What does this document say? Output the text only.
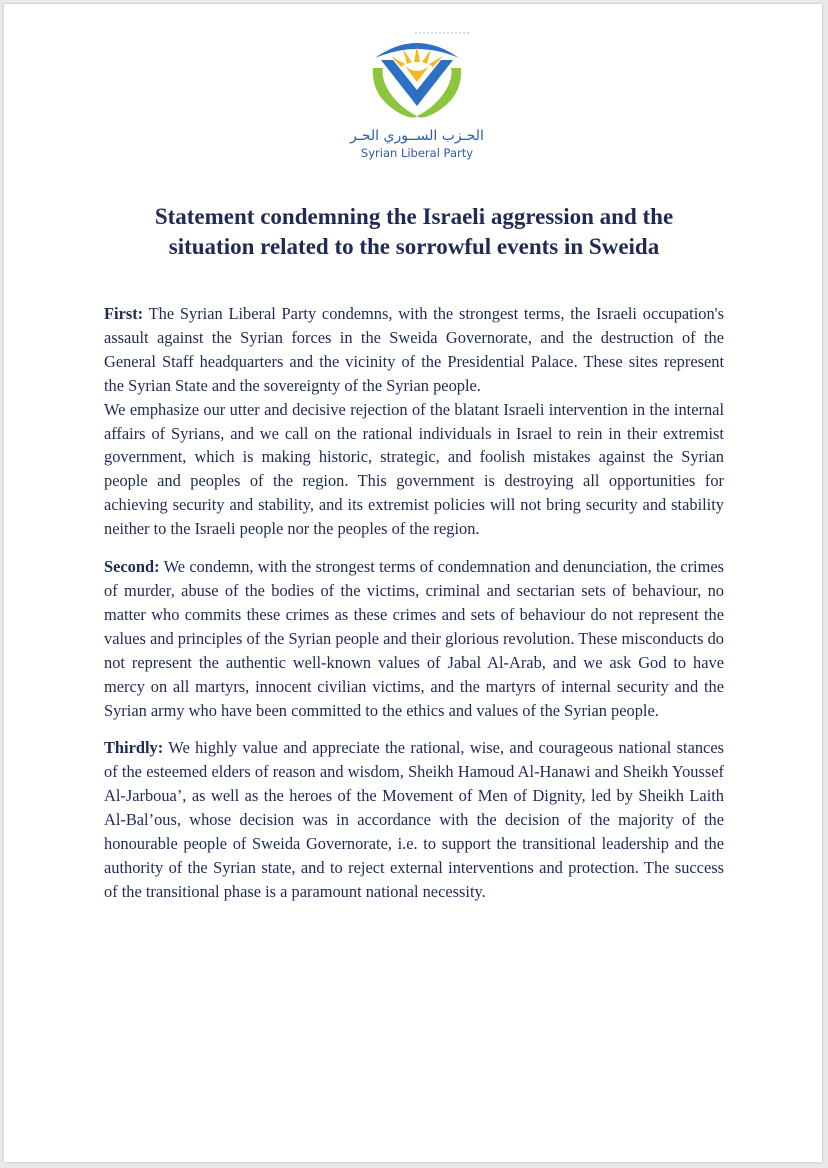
الحـزب الســوري الحـر
Syrian Liberal Party
Statement condemning the Israeli aggression and the
situation related to the sorrowful events in Sweida

First: The Syrian Liberal Party condemns, with the strongest terms, the Israeli occupation's assault against the Syrian forces in the Sweida Governorate, and the destruction of the General Staff headquarters and the vicinity of the Presidential Palace. These sites represent the Syrian State and the sovereignty of the Syrian people.

We emphasize our utter and decisive rejection of the blatant Israeli intervention in the internal affairs of Syrians, and we call on the rational individuals in Israel to rein in their extremist government, which is making historic, strategic, and foolish mistakes against the Syrian people and peoples of the region. This government is destroying all opportunities for achieving security and stability, and its extremist policies will not bring security and stability neither to the Israeli people nor the peoples of the region.

Second: We condemn, with the strongest terms of condemnation and denunciation, the crimes of murder, abuse of the bodies of the victims, criminal and sectarian sets of behaviour, no matter who commits these crimes as these crimes and sets of behaviour do not represent the values and principles of the Syrian people and their glorious revolution. These misconducts do not represent the authentic well-known values of Jabal Al-Arab, and we ask God to have mercy on all martyrs, innocent civilian victims, and the martyrs of internal security and the Syrian army who have been committed to the ethics and values of the Syrian people.

Thirdly: We highly value and appreciate the rational, wise, and courageous national stances of the esteemed elders of reason and wisdom, Sheikh Hamoud Al-Hanawi and Sheikh Youssef Al-Jarboua’, as well as the heroes of the Movement of Men of Dignity, led by Sheikh Laith Al-Bal’ous, whose decision was in accordance with the decision of the majority of the honourable people of Sweida Governorate, i.e. to support the transitional leadership and the authority of the Syrian state, and to reject external interventions and protection. The success of the transitional phase is a paramount national necessity.
